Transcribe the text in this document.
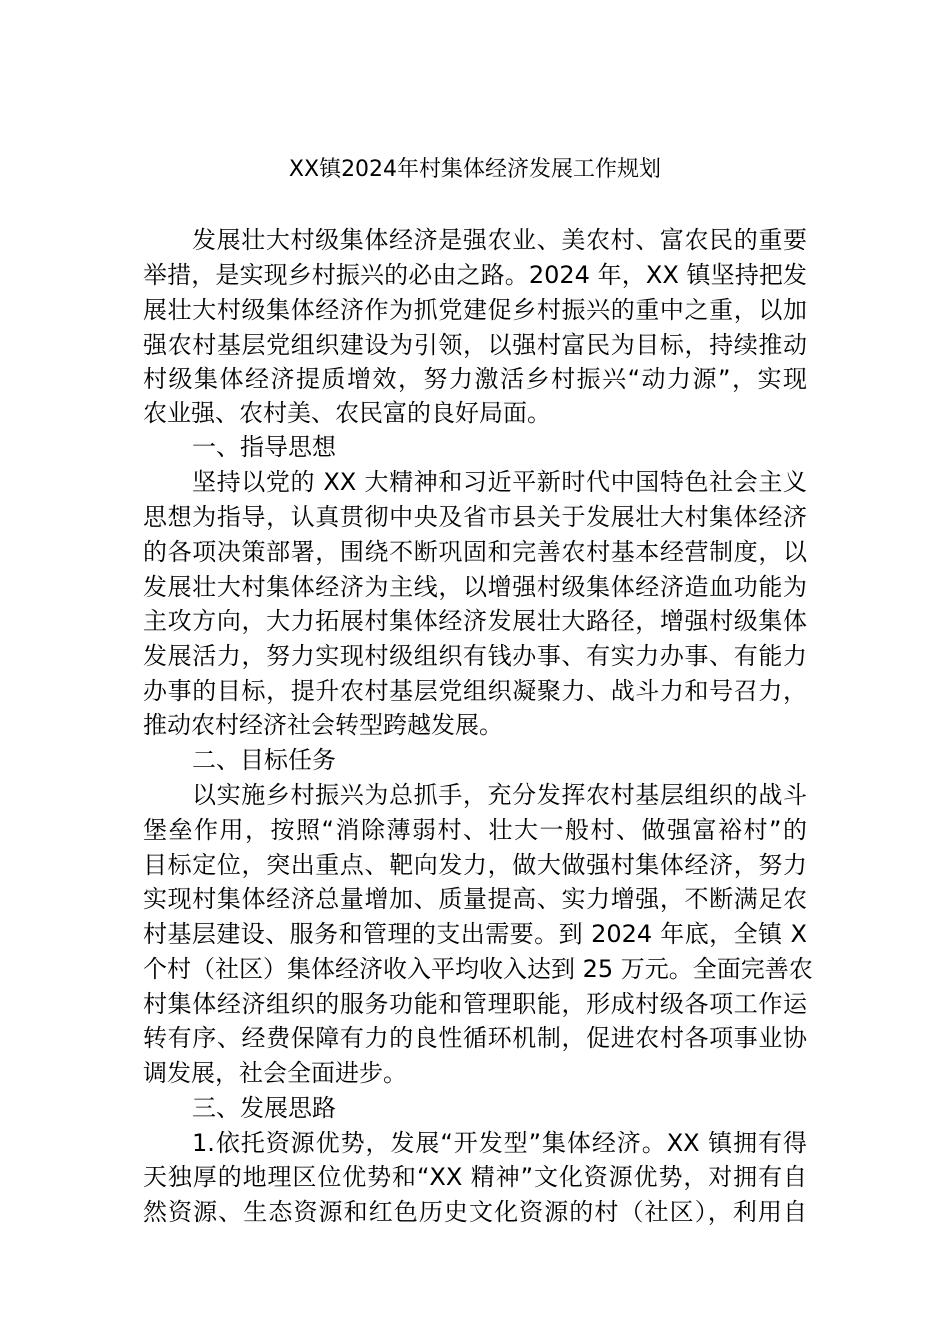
XX镇2024年村集体经济发展工作规划
发展壮大村级集体经济是强农业、美农村、富农民的重要
举措，是实现乡村振兴的必由之路。2024 年，XX 镇坚持把发
展壮大村级集体经济作为抓党建促乡村振兴的重中之重，以加
强农村基层党组织建设为引领，以强村富民为目标，持续推动
村级集体经济提质增效，努力激活乡村振兴“动力源”，实现
农业强、农村美、农民富的良好局面。
一、指导思想
坚持以党的 XX 大精神和习近平新时代中国特色社会主义
思想为指导，认真贯彻中央及省市县关于发展壮大村集体经济
的各项决策部署，围绕不断巩固和完善农村基本经营制度，以
发展壮大村集体经济为主线，以增强村级集体经济造血功能为
主攻方向，大力拓展村集体经济发展壮大路径，增强村级集体
发展活力，努力实现村级组织有钱办事、有实力办事、有能力
办事的目标，提升农村基层党组织凝聚力、战斗力和号召力，
推动农村经济社会转型跨越发展。
二、目标任务
以实施乡村振兴为总抓手，充分发挥农村基层组织的战斗
堡垒作用，按照“消除薄弱村、壮大一般村、做强富裕村”的
目标定位，突出重点、靶向发力，做大做强村集体经济，努力
实现村集体经济总量增加、质量提高、实力增强，不断满足农
村基层建设、服务和管理的支出需要。到 2024 年底，全镇 X
个村（社区）集体经济收入平均收入达到 25 万元。全面完善农
村集体经济组织的服务功能和管理职能，形成村级各项工作运
转有序、经费保障有力的良性循环机制，促进农村各项事业协
调发展，社会全面进步。
三、发展思路
1.依托资源优势，发展“开发型”集体经济。XX 镇拥有得
天独厚的地理区位优势和“XX 精神”文化资源优势，对拥有自
然资源、生态资源和红色历史文化资源的村（社区），利用自
